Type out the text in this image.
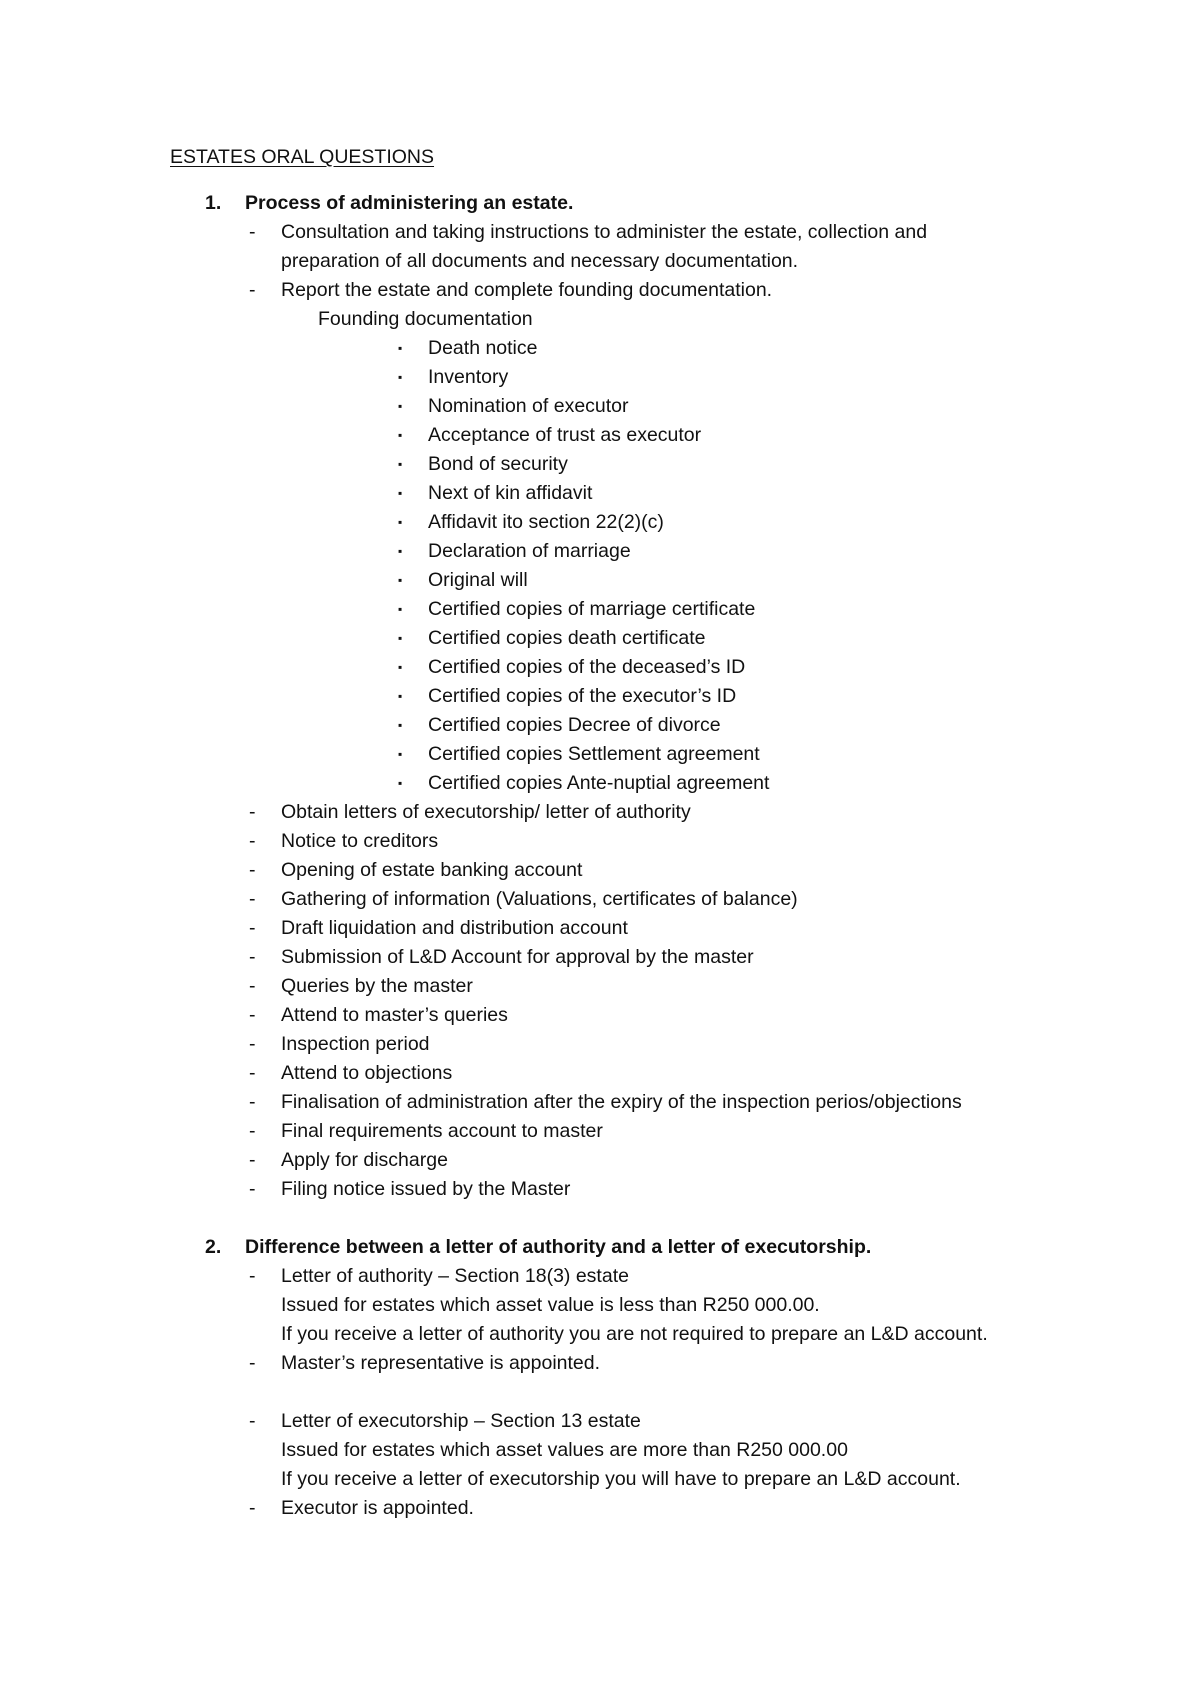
ESTATES ORAL QUESTIONS
1. Process of administering an estate.
- Consultation and taking instructions to administer the estate, collection and
preparation of all documents and necessary documentation.
- Report the estate and complete founding documentation.
Founding documentation
▪ Death notice
▪ Inventory
▪ Nomination of executor
▪ Acceptance of trust as executor
▪ Bond of security
▪ Next of kin affidavit
▪ Affidavit ito section 22(2)(c)
▪ Declaration of marriage
▪ Original will
▪ Certified copies of marriage certificate
▪ Certified copies death certificate
▪ Certified copies of the deceased’s ID
▪ Certified copies of the executor’s ID
▪ Certified copies Decree of divorce
▪ Certified copies Settlement agreement
▪ Certified copies Ante-nuptial agreement
- Obtain letters of executorship/ letter of authority
- Notice to creditors
- Opening of estate banking account
- Gathering of information (Valuations, certificates of balance)
- Draft liquidation and distribution account
- Submission of L&D Account for approval by the master
- Queries by the master
- Attend to master’s queries
- Inspection period
- Attend to objections
- Finalisation of administration after the expiry of the inspection perios/objections
- Final requirements account to master
- Apply for discharge
- Filing notice issued by the Master
2. Difference between a letter of authority and a letter of executorship.
- Letter of authority – Section 18(3) estate
Issued for estates which asset value is less than R250 000.00.
If you receive a letter of authority you are not required to prepare an L&D account.
- Master’s representative is appointed.
- Letter of executorship – Section 13 estate
Issued for estates which asset values are more than R250 000.00
If you receive a letter of executorship you will have to prepare an L&D account.
- Executor is appointed.
